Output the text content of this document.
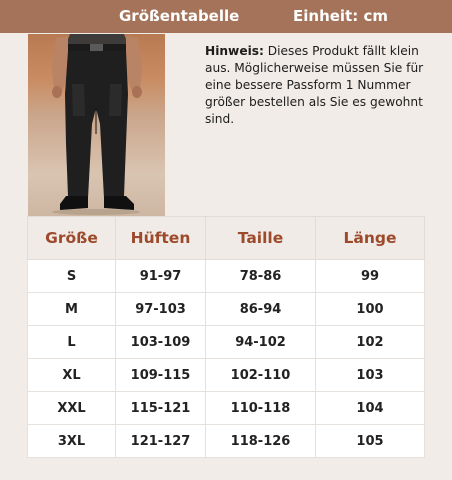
Größentabelle	Einheit: cm

Hinweis: Dieses Produkt fällt klein aus. Möglicherweise müssen Sie für eine bessere Passform 1 Nummer größer bestellen als Sie es gewohnt sind.

Größe	Hüften	Taille	Länge
S	91-97	78-86	99
M	97-103	86-94	100
L	103-109	94-102	102
XL	109-115	102-110	103
XXL	115-121	110-118	104
3XL	121-127	118-126	105
